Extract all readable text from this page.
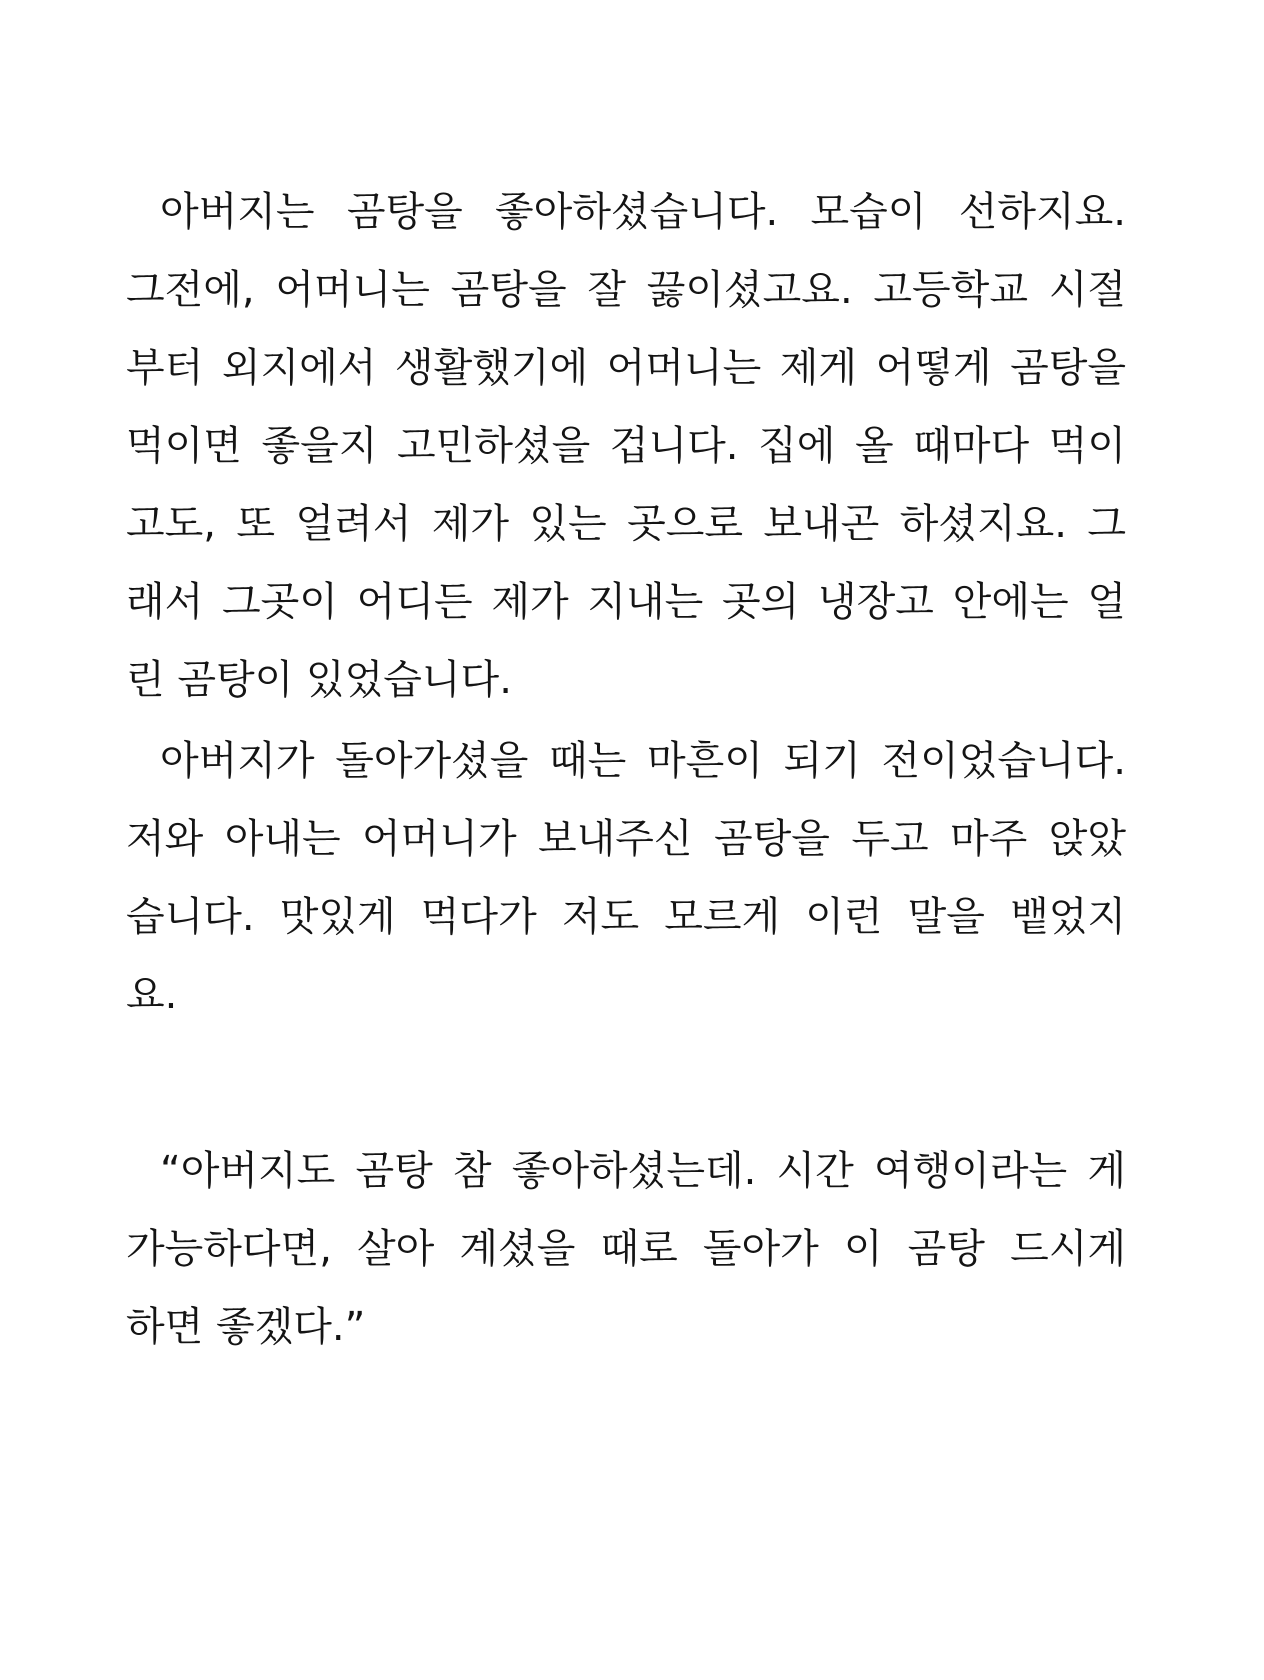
아버지는 곰탕을 좋아하셨습니다. 모습이 선하지요.
그전에, 어머니는 곰탕을 잘 끓이셨고요. 고등학교 시절
부터 외지에서 생활했기에 어머니는 제게 어떻게 곰탕을
먹이면 좋을지 고민하셨을 겁니다. 집에 올 때마다 먹이
고도, 또 얼려서 제가 있는 곳으로 보내곤 하셨지요. 그
래서 그곳이 어디든 제가 지내는 곳의 냉장고 안에는 얼
린 곰탕이 있었습니다.
아버지가 돌아가셨을 때는 마흔이 되기 전이었습니다.
저와 아내는 어머니가 보내주신 곰탕을 두고 마주 앉았
습니다. 맛있게 먹다가 저도 모르게 이런 말을 뱉었지
요.
“아버지도 곰탕 참 좋아하셨는데. 시간 여행이라는 게
가능하다면, 살아 계셨을 때로 돌아가 이 곰탕 드시게
하면 좋겠다.”
